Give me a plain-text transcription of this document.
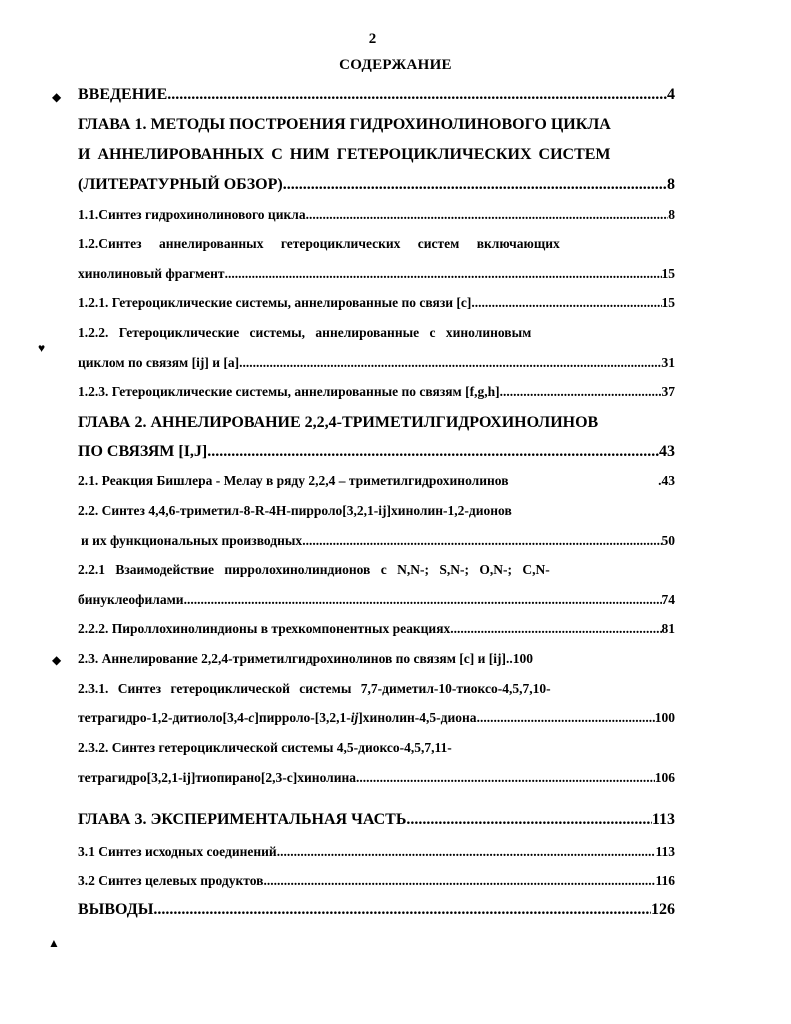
2
СОДЕРЖАНИЕ
◆
♥
◆
▲
ВВЕДЕНИЕ .....	4
ГЛАВА 1. МЕТОДЫ ПОСТРОЕНИЯ ГИДРОХИНОЛИНОВОГО ЦИКЛА
И АННЕЛИРОВАННЫХ С НИМ ГЕТЕРОЦИКЛИЧЕСКИХ СИСТЕМ
(ЛИТЕРАТУРНЫЙ ОБЗОР) .....	8
1.1.Синтез гидрохинолинового цикла .....	8
1.2.Синтез аннелированных гетероциклических систем включающих
хинолиновый фрагмент .....	15
1.2.1. Гетероциклические системы, аннелированные по связи [c] .....	15
1.2.2. Гетероциклические системы, аннелированные с хинолиновым
циклом по связям [ij] и [a] .....	31
1.2.3. Гетероциклические системы, аннелированные по связям [f,g,h] .....	37
ГЛАВА 2. АННЕЛИРОВАНИЕ 2,2,4-ТРИМЕТИЛГИДРОХИНОЛИНОВ
ПО СВЯЗЯМ [I,J] .....	43
2.1. Реакция Бишлера - Мелау в ряду 2,2,4 – триметилгидрохинолинов	.43
2.2. Синтез 4,4,6-триметил-8-R-4Н-пирроло[3,2,1-ij]хинолин-1,2-дионов
и их функциональных производных .....	50
2.2.1 Взаимодействие пирролохинолиндионов с N,N-; S,N-; O,N-; C,N-
бинуклеофилами .....	74
2.2.2. Пироллохинолиндионы в трехкомпонентных реакциях .....	81
2.3. Аннелирование 2,2,4-триметилгидрохинолинов по связям [с] и [ij]..100
2.3.1. Синтез гетероциклической системы 7,7-диметил-10-тиоксо-4,5,7,10-
тетрагидро-1,2-дитиоло[3,4-c]пирроло-[3,2,1-ij]хинолин-4,5-диона .....	100
2.3.2. Синтез гетероциклической системы 4,5-диоксо-4,5,7,11-
тетрагидро[3,2,1-ij]тиопирано[2,3-c]хинолина .....	106
ГЛАВА 3. ЭКСПЕРИМЕНТАЛЬНАЯ ЧАСТЬ .....	113
3.1 Синтез исходных соединений .....	113
3.2 Синтез целевых продуктов .....	116
ВЫВОДЫ .....	126
